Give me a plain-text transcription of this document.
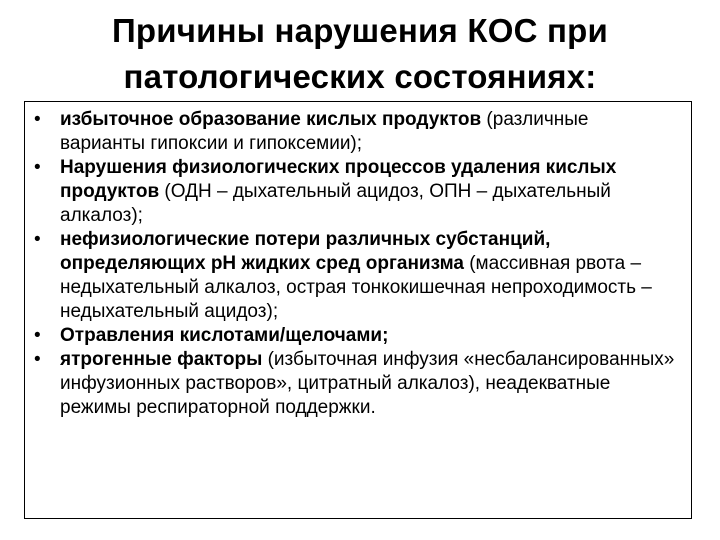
Причины нарушения КОС при
патологических состояниях:
• избыточное образование кислых продуктов (различные варианты гипоксии и гипоксемии);
• Нарушения физиологических процессов удаления кислых продуктов (ОДН – дыхательный ацидоз, ОПН – дыхательный алкалоз);
• нефизиологические потери различных субстанций, определяющих рН жидких сред организма (массивная рвота – недыхательный алкалоз, острая тонкокишечная непроходимость – недыхательный ацидоз);
• Отравления кислотами/щелочами;
• ятрогенные факторы (избыточная инфузия «несбалансированных» инфузионных растворов», цитратный алкалоз), неадекватные режимы респираторной поддержки.
